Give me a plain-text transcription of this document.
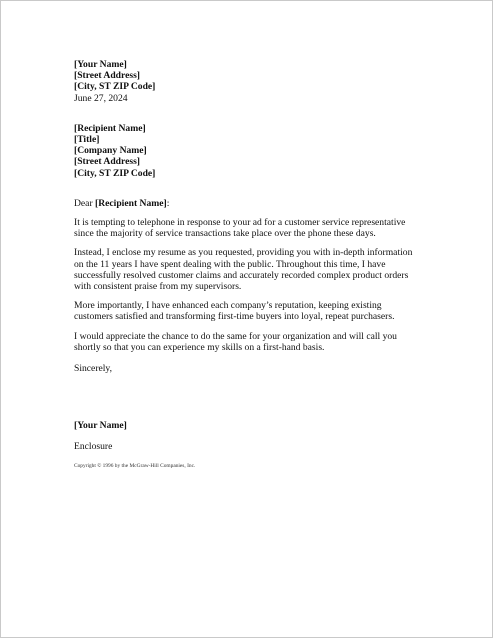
[Your Name]
[Street Address]
[City, ST ZIP Code]
June 27, 2024
[Recipient Name]
[Title]
[Company Name]
[Street Address]
[City, ST ZIP Code]
Dear [Recipient Name]:
It is tempting to telephone in response to your ad for a customer service representative
since the majority of service transactions take place over the phone these days.
Instead, I enclose my resume as you requested, providing you with in-depth information
on the 11 years I have spent dealing with the public. Throughout this time, I have
successfully resolved customer claims and accurately recorded complex product orders
with consistent praise from my supervisors.
More importantly, I have enhanced each company’s reputation, keeping existing
customers satisfied and transforming first-time buyers into loyal, repeat purchasers.
I would appreciate the chance to do the same for your organization and will call you
shortly so that you can experience my skills on a first-hand basis.
Sincerely,
[Your Name]
Enclosure
Copyright © 1996 by the McGraw-Hill Companies, Inc.
